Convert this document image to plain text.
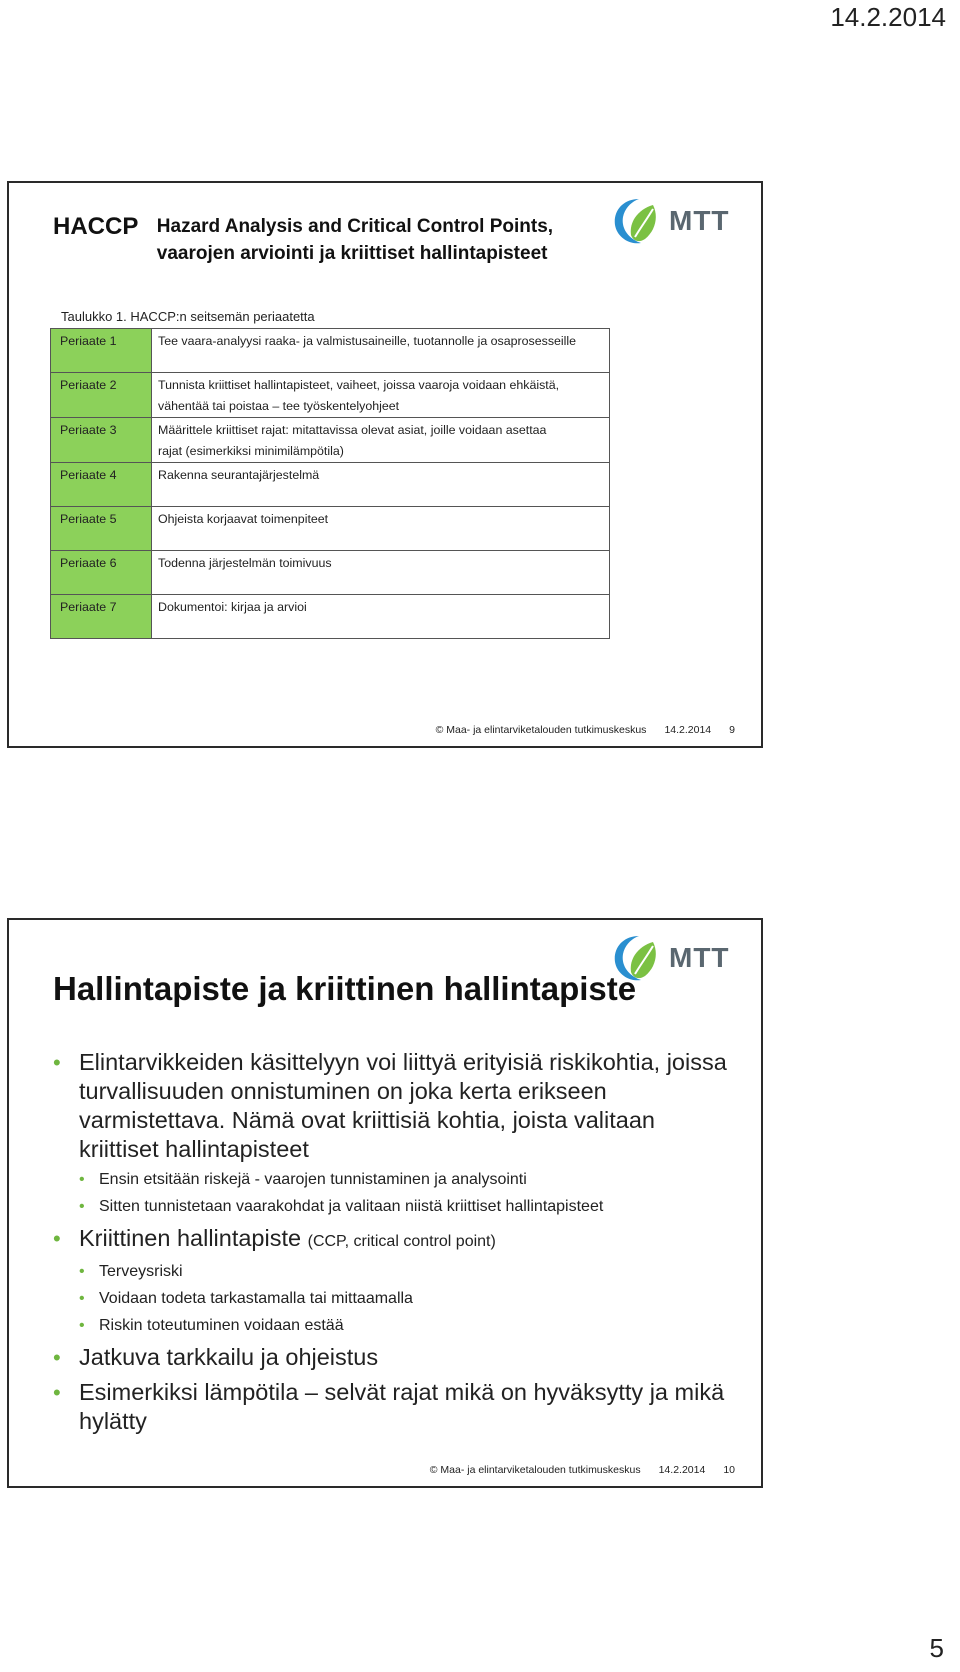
14.2.2014
MTT
HACCP Hazard Analysis and Critical Control Points,
vaarojen arviointi ja kriittiset hallintapisteet
Taulukko 1. HACCP:n seitsemän periaatetta
Periaate 1	Tee vaara-analyysi raaka- ja valmistusaineille, tuotannolle ja osaprosesseille

Periaate 2	Tunnista kriittiset hallintapisteet, vaiheet, joissa vaaroja voidaan ehkäistä,
vähentää tai poistaa – tee työskentelyohjeet
Periaate 3	Määrittele kriittiset rajat: mitattavissa olevat asiat, joille voidaan asettaa
rajat (esimerkiksi minimilämpötila)
Periaate 4	Rakenna seurantajärjestelmä

Periaate 5	Ohjeista korjaavat toimenpiteet

Periaate 6	Todenna järjestelmän toimivuus

Periaate 7	Dokumentoi: kirjaa ja arvioi

© Maa- ja elintarviketalouden tutkimuskeskus 14.2.2014 9
MTT
Hallintapiste ja kriittinen hallintapiste
• Elintarvikkeiden käsittelyyn voi liittyä erityisiä riskikohtia, joissa turvallisuuden onnistuminen on joka kerta erikseen varmistettava. Nämä ovat kriittisiä kohtia, joista valitaan kriittiset hallintapisteet
• Ensin etsitään riskejä - vaarojen tunnistaminen ja analysointi
• Sitten tunnistetaan vaarakohdat ja valitaan niistä kriittiset hallintapisteet
• Kriittinen hallintapiste (CCP, critical control point)
• Terveysriski
• Voidaan todeta tarkastamalla tai mittaamalla
• Riskin toteutuminen voidaan estää
• Jatkuva tarkkailu ja ohjeistus
• Esimerkiksi lämpötila – selvät rajat mikä on hyväksytty ja mikä hylätty
© Maa- ja elintarviketalouden tutkimuskeskus 14.2.2014 10
5
